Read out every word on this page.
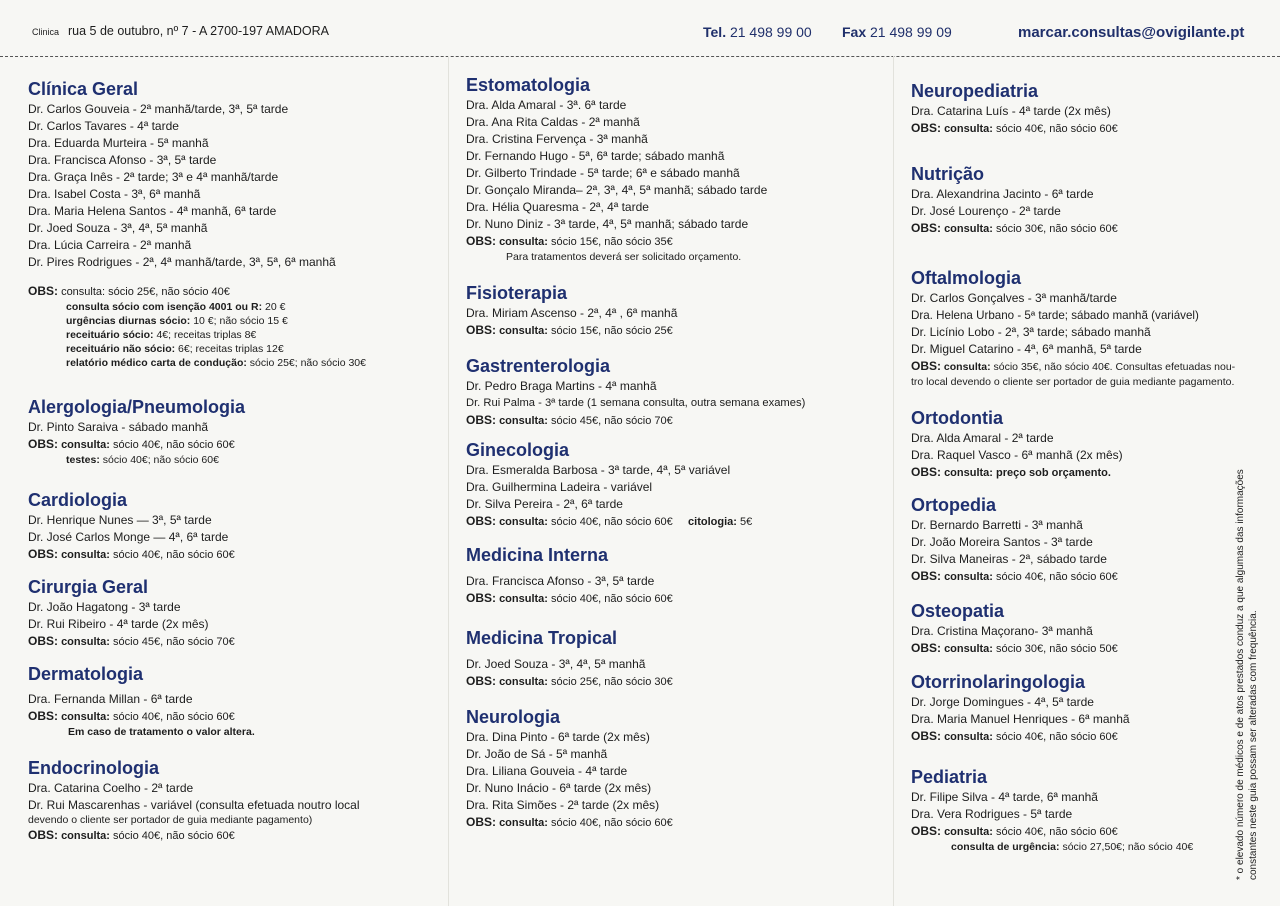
Clinica rua 5 de outubro, nº 7 - A 2700-197 AMADORA	Tel. 21 498 99 00 Fax 21 498 99 09	marcar.consultas@ovigilante.pt
Clínica Geral
Dr. Carlos Gouveia - 2ª manhã/tarde, 3ª, 5ª tarde
Dr. Carlos Tavares - 4ª tarde
Dra. Eduarda Murteira - 5ª manhã
Dra. Francisca Afonso - 3ª, 5ª tarde
Dra. Graça Inês - 2ª tarde; 3ª e 4ª manhã/tarde
Dra. Isabel Costa - 3ª, 6ª manhã
Dra. Maria Helena Santos - 4ª manhã, 6ª tarde
Dr. Joed Souza - 3ª, 4ª, 5ª manhã
Dra. Lúcia Carreira - 2ª manhã
Dr. Pires Rodrigues - 2ª, 4ª manhã/tarde, 3ª, 5ª, 6ª manhã
OBS: consulta: sócio 25€, não sócio 40€
consulta sócio com isenção 4001 ou R: 20 €
urgências diurnas sócio: 10 €; não sócio 15 €
receituário sócio: 4€; receitas triplas 8€
receituário não sócio: 6€; receitas triplas 12€
relatório médico carta de condução: sócio 25€; não sócio 30€
Alergologia/Pneumologia
Dr. Pinto Saraiva - sábado manhã
OBS: consulta: sócio 40€, não sócio 60€
testes: sócio 40€; não sócio 60€
Cardiologia
Dr. Henrique Nunes — 3ª, 5ª tarde
Dr. José Carlos Monge — 4ª, 6ª tarde
OBS: consulta: sócio 40€, não sócio 60€
Cirurgia Geral
Dr. João Hagatong - 3ª tarde
Dr. Rui Ribeiro - 4ª tarde (2x mês)
OBS: consulta: sócio 45€, não sócio 70€
Dermatologia
Dra. Fernanda Millan - 6ª tarde
OBS: consulta: sócio 40€, não sócio 60€
Em caso de tratamento o valor altera.
Endocrinologia
Dra. Catarina Coelho - 2ª tarde
Dr. Rui Mascarenhas - variável (consulta efetuada noutro local
devendo o cliente ser portador de guia mediante pagamento)
OBS: consulta: sócio 40€, não sócio 60€
Estomatologia
Dra. Alda Amaral - 3ª. 6ª tarde
Dra. Ana Rita Caldas - 2ª manhã
Dra. Cristina Fervença - 3ª manhã
Dr. Fernando Hugo - 5ª, 6ª tarde; sábado manhã
Dr. Gilberto Trindade - 5ª tarde; 6ª e sábado manhã
Dr. Gonçalo Miranda– 2ª, 3ª, 4ª, 5ª manhã; sábado tarde
Dra. Hélia Quaresma - 2ª, 4ª tarde
Dr. Nuno Diniz - 3ª tarde, 4ª, 5ª manhã; sábado tarde
OBS: consulta: sócio 15€, não sócio 35€
Para tratamentos deverá ser solicitado orçamento.
Fisioterapia
Dra. Miriam Ascenso - 2ª, 4ª , 6ª manhã
OBS: consulta: sócio 15€, não sócio 25€
Gastrenterologia
Dr. Pedro Braga Martins - 4ª manhã
Dr. Rui Palma - 3ª tarde (1 semana consulta, outra semana exames)
OBS: consulta: sócio 45€, não sócio 70€
Ginecologia
Dra. Esmeralda Barbosa - 3ª tarde, 4ª, 5ª variável
Dra. Guilhermina Ladeira - variável
Dr. Silva Pereira - 2ª, 6ª tarde
OBS: consulta: sócio 40€, não sócio 60€ citologia: 5€
Medicina Interna
Dra. Francisca Afonso - 3ª, 5ª tarde
OBS: consulta: sócio 40€, não sócio 60€
Medicina Tropical
Dr. Joed Souza - 3ª, 4ª, 5ª manhã
OBS: consulta: sócio 25€, não sócio 30€
Neurologia
Dra. Dina Pinto - 6ª tarde (2x mês)
Dr. João de Sá - 5ª manhã
Dra. Liliana Gouveia - 4ª tarde
Dr. Nuno Inácio - 6ª tarde (2x mês)
Dra. Rita Simões - 2ª tarde (2x mês)
OBS: consulta: sócio 40€, não sócio 60€
Neuropediatria
Dra. Catarina Luís - 4ª tarde (2x mês)
OBS: consulta: sócio 40€, não sócio 60€
Nutrição
Dra. Alexandrina Jacinto - 6ª tarde
Dr. José Lourenço - 2ª tarde
OBS: consulta: sócio 30€, não sócio 60€
Oftalmologia
Dr. Carlos Gonçalves - 3ª manhã/tarde
Dra. Helena Urbano - 5ª tarde; sábado manhã (variável)
Dr. Licínio Lobo - 2ª, 3ª tarde; sábado manhã
Dr. Miguel Catarino - 4ª, 6ª manhã, 5ª tarde
OBS: consulta: sócio 35€, não sócio 40€. Consultas efetuadas nou-
tro local devendo o cliente ser portador de guia mediante pagamento.
Ortodontia
Dra. Alda Amaral - 2ª tarde
Dra. Raquel Vasco - 6ª manhã (2x mês)
OBS: consulta: preço sob orçamento.
Ortopedia
Dr. Bernardo Barretti - 3ª manhã
Dr. João Moreira Santos - 3ª tarde
Dr. Silva Maneiras - 2ª, sábado tarde
OBS: consulta: sócio 40€, não sócio 60€
Osteopatia
Dra. Cristina Maçorano- 3ª manhã
OBS: consulta: sócio 30€, não sócio 50€
Otorrinolaringologia
Dr. Jorge Domingues - 4ª, 5ª tarde
Dra. Maria Manuel Henriques - 6ª manhã
OBS: consulta: sócio 40€, não sócio 60€
Pediatria
Dr. Filipe Silva - 4ª tarde, 6ª manhã
Dra. Vera Rodrigues - 5ª tarde
OBS: consulta: sócio 40€, não sócio 60€
consulta de urgência: sócio 27,50€; não sócio 40€	* o elevado número de médicos e de atos prestados conduz a que algumas das informações constantes neste guia possam ser alteradas com frequência.
